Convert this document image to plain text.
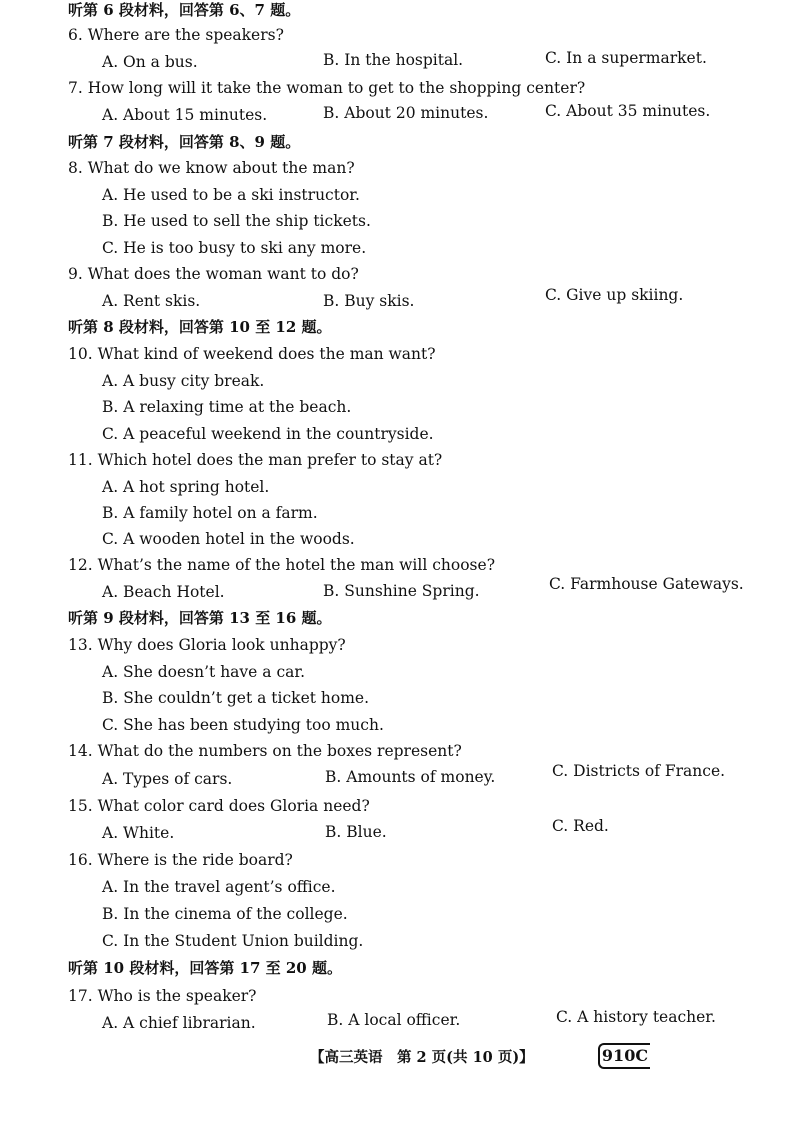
听第 6 段材料，回答第 6、7 题。
6. Where are the speakers?
A. On a bus.	B. In the hospital.	C. In a supermarket.
7. How long will it take the woman to get to the shopping center?
A. About 15 minutes.	B. About 20 minutes.	C. About 35 minutes.
听第 7 段材料，回答第 8、9 题。
8. What do we know about the man?
A. He used to be a ski instructor.
B. He used to sell the ship tickets.
C. He is too busy to ski any more.
9. What does the woman want to do?
A. Rent skis.	B. Buy skis.	C. Give up skiing.
听第 8 段材料，回答第 10 至 12 题。
10. What kind of weekend does the man want?
A. A busy city break.
B. A relaxing time at the beach.
C. A peaceful weekend in the countryside.
11. Which hotel does the man prefer to stay at?
A. A hot spring hotel.
B. A family hotel on a farm.
C. A wooden hotel in the woods.
12. What’s the name of the hotel the man will choose?
A. Beach Hotel.	B. Sunshine Spring.	C. Farmhouse Gateways.
听第 9 段材料，回答第 13 至 16 题。
13. Why does Gloria look unhappy?
A. She doesn’t have a car.
B. She couldn’t get a ticket home.
C. She has been studying too much.
14. What do the numbers on the boxes represent?
A. Types of cars.	B. Amounts of money.	C. Districts of France.
15. What color card does Gloria need?
A. White.	B. Blue.	C. Red.
16. Where is the ride board?
A. In the travel agent’s office.
B. In the cinema of the college.
C. In the Student Union building.
听第 10 段材料，回答第 17 至 20 题。
17. Who is the speaker?
A. A chief librarian.	B. A local officer.	C. A history teacher.
【高三英语　第 2 页(共 10 页)】	910C
